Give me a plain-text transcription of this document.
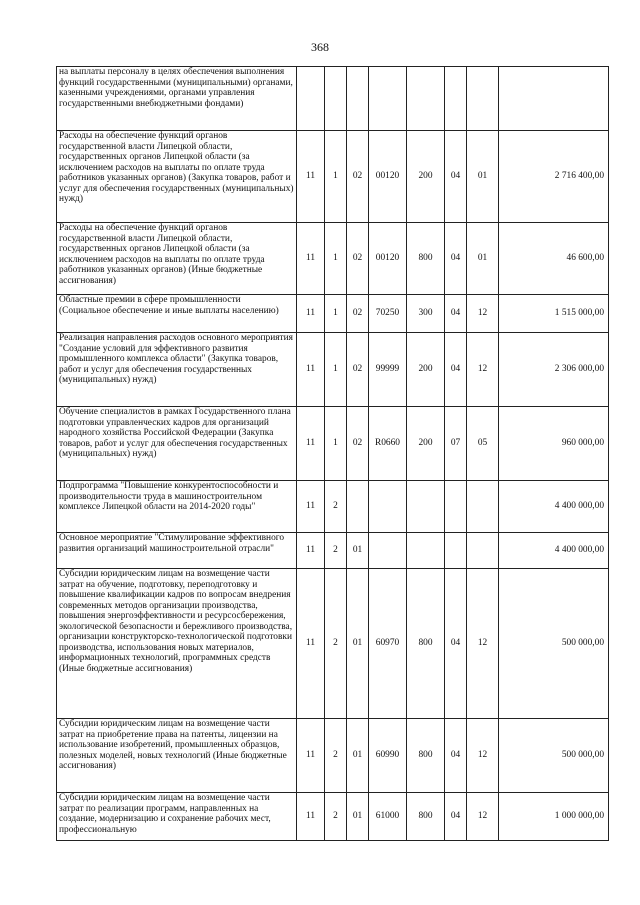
368
на выплаты персоналу в целях обеспечения выполнения функций государственными (муниципальными) органами, казенными учреждениями, органами управления государственными внебюджетными фондами)								
Расходы на обеспечение функций органов государственной власти Липецкой области, государственных органов Липецкой области (за исключением расходов на выплаты по оплате труда работников указанных органов) (Закупка товаров, работ и услуг для обеспечения государственных (муниципальных) нужд)	11	1	02	00120	200	04	01	2 716 400,00
Расходы на обеспечение функций органов государственной власти Липецкой области, государственных органов Липецкой области (за исключением расходов на выплаты по оплате труда работников указанных органов) (Иные бюджетные ассигнования)	11	1	02	00120	800	04	01	46 600,00
Областные премии в сфере промышленности (Социальное обеспечение и иные выплаты населению)	11	1	02	70250	300	04	12	1 515 000,00
Реализация направления расходов основного мероприятия "Создание условий для эффективного развития промышленного комплекса области" (Закупка товаров, работ и услуг для обеспечения государственных (муниципальных) нужд)	11	1	02	99999	200	04	12	2 306 000,00
Обучение специалистов в рамках Государственного плана подготовки управленческих кадров для организаций народного хозяйства Российской Федерации (Закупка товаров, работ и услуг для обеспечения государственных (муниципальных) нужд)	11	1	02	R0660	200	07	05	960 000,00
Подпрограмма "Повышение конкурентоспособности и производительности труда в машиностроительном комплексе Липецкой области на 2014-2020 годы"	11	2						4 400 000,00
Основное мероприятие "Стимулирование эффективного развития организаций машиностроительной отрасли"	11	2	01					4 400 000,00
Субсидии юридическим лицам на возмещение части затрат на обучение, подготовку, переподготовку и повышение квалификации кадров по вопросам внедрения современных методов организации производства, повышения энергоэффективности и ресурсосбережения, экологической безопасности и бережливого производства, организации конструкторско-технологической подготовки производства, использования новых материалов, информационных технологий, программных средств (Иные бюджетные ассигнования)	11	2	01	60970	800	04	12	500 000,00
Субсидии юридическим лицам на возмещение части затрат на приобретение права на патенты, лицензии на использование изобретений, промышленных образцов, полезных моделей, новых технологий (Иные бюджетные ассигнования)	11	2	01	60990	800	04	12	500 000,00
Субсидии юридическим лицам на возмещение части затрат по реализации программ, направленных на создание, модернизацию и сохранение рабочих мест, профессиональную	11	2	01	61000	800	04	12	1 000 000,00
